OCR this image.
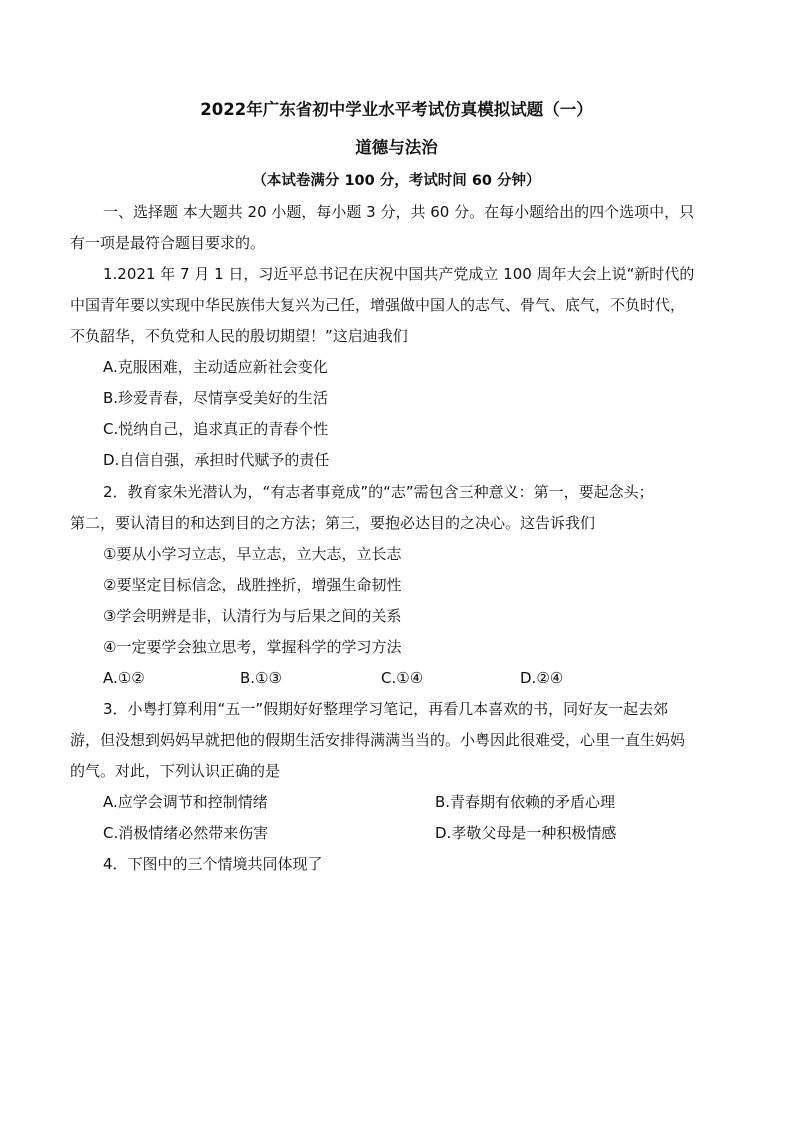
2022年广东省初中学业水平考试仿真模拟试题（一）
道德与法治
（本试卷满分 100 分，考试时间 60 分钟）
一、选择题 本大题共 20 小题，每小题 3 分，共 60 分。在每小题给出的四个选项中，只
有一项是最符合题目要求的。
1.2021 年 7 月 1 日，习近平总书记在庆祝中国共产党成立 100 周年大会上说“新时代的
中国青年要以实现中华民族伟大复兴为己任，增强做中国人的志气、骨气、底气，不负时代，
不负韶华，不负党和人民的殷切期望！”这启迪我们
A.克服困难，主动适应新社会变化
B.珍爱青春，尽情享受美好的生活
C.悦纳自己，追求真正的青春个性
D.自信自强，承担时代赋予的责任
2．教育家朱光潜认为，“有志者事竟成”的“志”需包含三种意义：第一，要起念头；
第二，要认清目的和达到目的之方法；第三，要抱必达目的之决心。这告诉我们
①要从小学习立志，早立志，立大志，立长志
②要坚定目标信念，战胜挫折，增强生命韧性
③学会明辨是非，认清行为与后果之间的关系
④一定要学会独立思考，掌握科学的学习方法
A.①②	B.①③	C.①④	D.②④
3．小粤打算利用“五一”假期好好整理学习笔记，再看几本喜欢的书，同好友一起去郊
游，但没想到妈妈早就把他的假期生活安排得满满当当的。小粤因此很难受，心里一直生妈妈
的气。对此，下列认识正确的是
A.应学会调节和控制情绪	B.青春期有依赖的矛盾心理
C.消极情绪必然带来伤害	D.孝敬父母是一种积极情感
4．下图中的三个情境共同体现了
